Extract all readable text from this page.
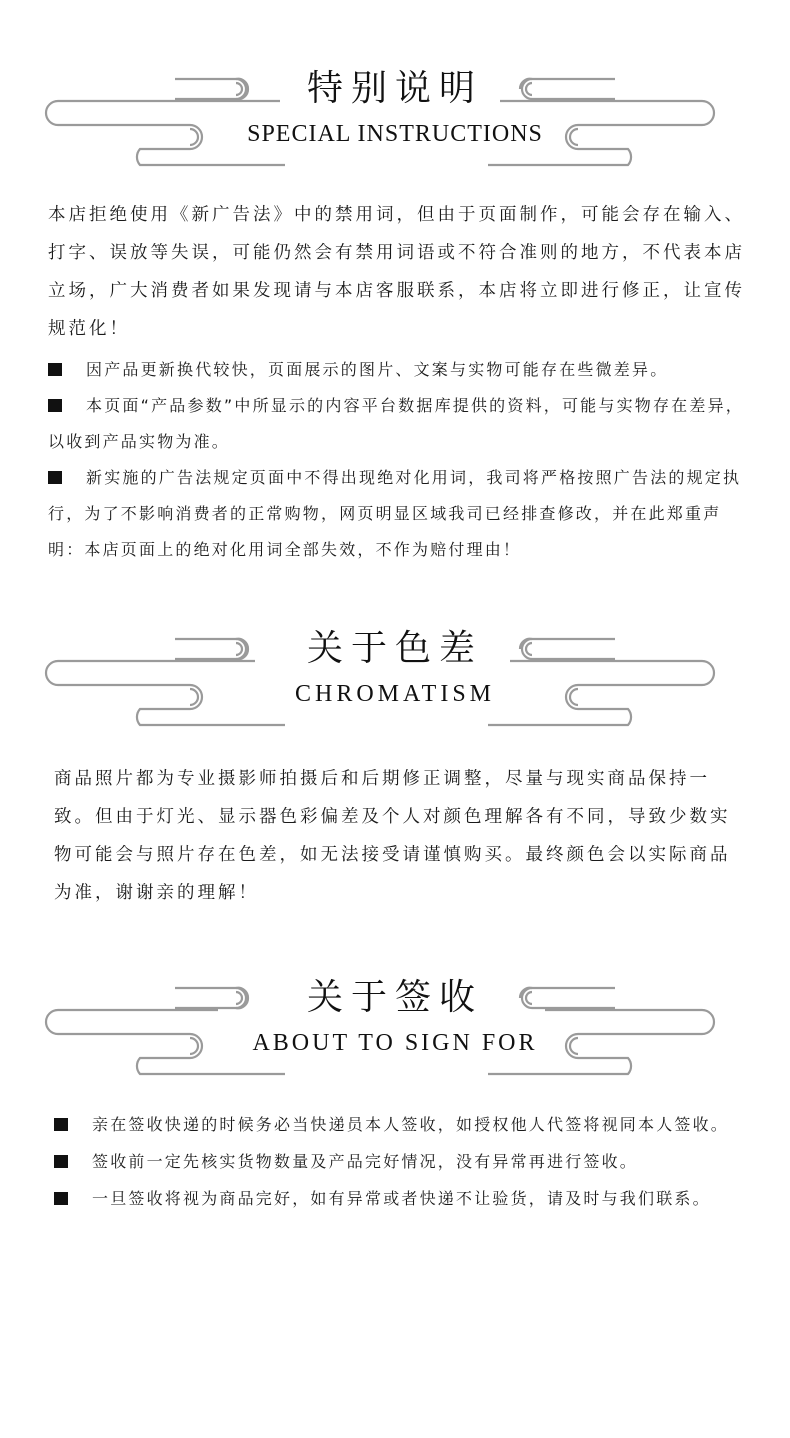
特别说明
SPECIAL INSTRUCTIONS

本店拒绝使用《新广告法》中的禁用词，但由于页面制作，可能会存在输入、打字、误放等失误，可能仍然会有禁用词语或不符合准则的地方，不代表本店立场，广大消费者如果发现请与本店客服联系，本店将立即进行修正，让宣传规范化！

因产品更新换代较快，页面展示的图片、文案与实物可能存在些微差异。

本页面“产品参数”中所显示的内容平台数据库提供的资料，可能与实物存在差异，以收到产品实物为准。

新实施的广告法规定页面中不得出现绝对化用词，我司将严格按照广告法的规定执行，为了不影响消费者的正常购物，网页明显区域我司已经排查修改，并在此郑重声明：本店页面上的绝对化用词全部失效，不作为赔付理由！

关于色差
CHROMATISM

商品照片都为专业摄影师拍摄后和后期修正调整，尽量与现实商品保持一致。但由于灯光、显示器色彩偏差及个人对颜色理解各有不同，导致少数实物可能会与照片存在色差，如无法接受请谨慎购买。最终颜色会以实际商品为准，谢谢亲的理解！

关于签收
ABOUT TO SIGN FOR

亲在签收快递的时候务必当快递员本人签收，如授权他人代签将视同本人签收。

签收前一定先核实货物数量及产品完好情况，没有异常再进行签收。

一旦签收将视为商品完好，如有异常或者快递不让验货，请及时与我们联系。
